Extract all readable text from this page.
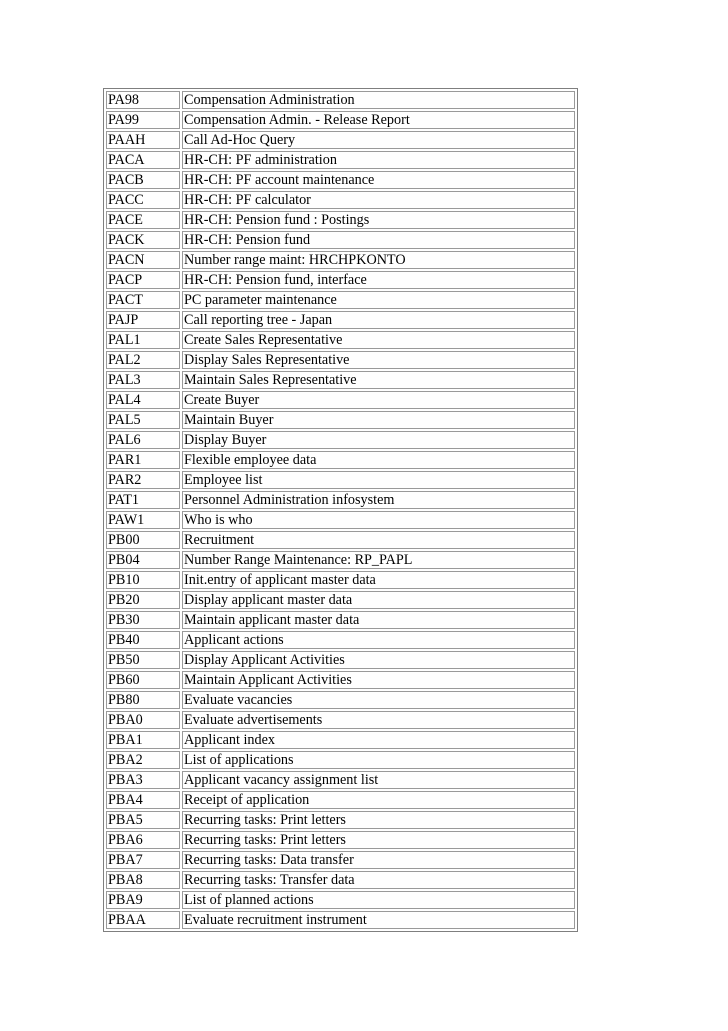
PA98	Compensation Administration
PA99	Compensation Admin. - Release Report
PAAH	Call Ad-Hoc Query
PACA	HR-CH: PF administration
PACB	HR-CH: PF account maintenance
PACC	HR-CH: PF calculator
PACE	HR-CH: Pension fund : Postings
PACK	HR-CH: Pension fund
PACN	Number range maint: HRCHPKONTO
PACP	HR-CH: Pension fund, interface
PACT	PC parameter maintenance
PAJP	Call reporting tree - Japan
PAL1	Create Sales Representative
PAL2	Display Sales Representative
PAL3	Maintain Sales Representative
PAL4	Create Buyer
PAL5	Maintain Buyer
PAL6	Display Buyer
PAR1	Flexible employee data
PAR2	Employee list
PAT1	Personnel Administration infosystem
PAW1	Who is who
PB00	Recruitment
PB04	Number Range Maintenance: RP_PAPL
PB10	Init.entry of applicant master data
PB20	Display applicant master data
PB30	Maintain applicant master data
PB40	Applicant actions
PB50	Display Applicant Activities
PB60	Maintain Applicant Activities
PB80	Evaluate vacancies
PBA0	Evaluate advertisements
PBA1	Applicant index
PBA2	List of applications
PBA3	Applicant vacancy assignment list
PBA4	Receipt of application
PBA5	Recurring tasks: Print letters
PBA6	Recurring tasks: Print letters
PBA7	Recurring tasks: Data transfer
PBA8	Recurring tasks: Transfer data
PBA9	List of planned actions
PBAA	Evaluate recruitment instrument
